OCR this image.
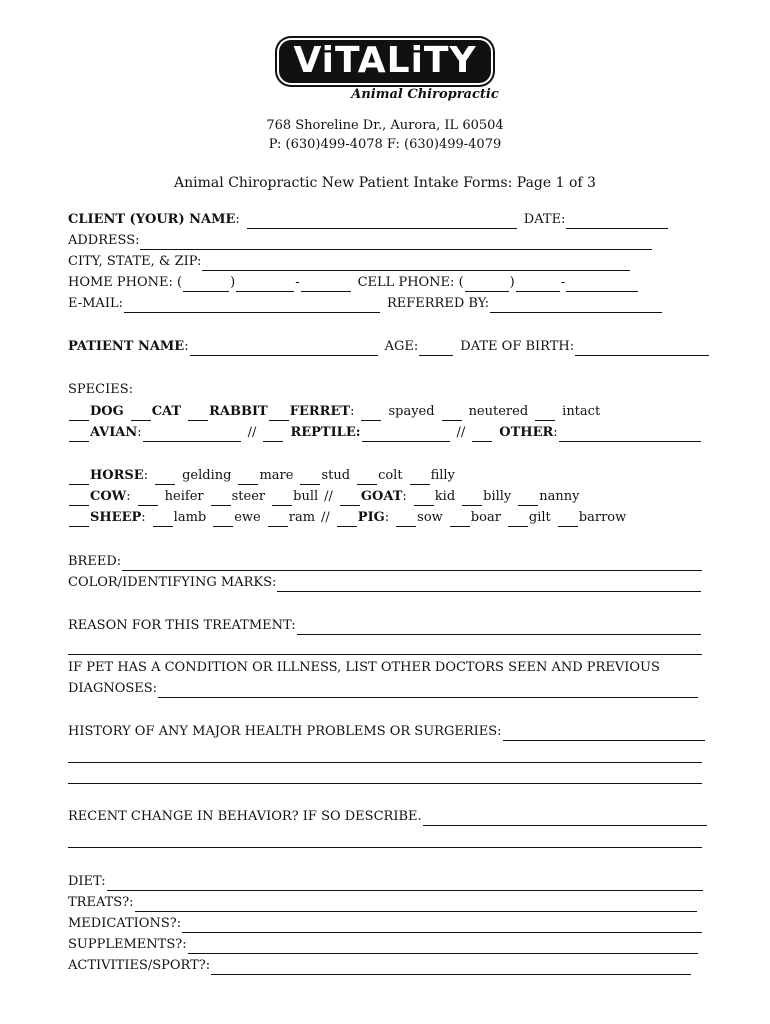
ViTALiTY
Animal Chiropractic
768 Shoreline Dr., Aurora, IL 60504
P: (630)499-4078 F: (630)499-4079
Animal Chiropractic New Patient Intake Forms: Page 1 of 3
CLIENT (YOUR) NAME :	DATE:
ADDRESS:
CITY, STATE, & ZIP:
HOME PHONE: (	)	-	CELL PHONE: (	)	-
E-MAIL:	REFERRED BY:
PATIENT NAME :	AGE:	DATE OF BIRTH:
SPECIES:
DOG CAT RABBIT FERRET :	spayed	neutered	intact
AVIAN :	//	REPTILE:	//	OTHER :
HORSE :	gelding mare stud colt filly
COW :	heifer steer bull // GOAT : kid billy nanny
SHEEP : lamb ewe ram // PIG : sow boar gilt barrow
BREED:
COLOR/IDENTIFYING MARKS:
REASON FOR THIS TREATMENT:
IF PET HAS A CONDITION OR ILLNESS, LIST OTHER DOCTORS SEEN AND PREVIOUS
DIAGNOSES:
HISTORY OF ANY MAJOR HEALTH PROBLEMS OR SURGERIES:
RECENT CHANGE IN BEHAVIOR? IF SO DESCRIBE.
DIET:
TREATS?:
MEDICATIONS?:
SUPPLEMENTS?:
ACTIVITIES/SPORT?:
